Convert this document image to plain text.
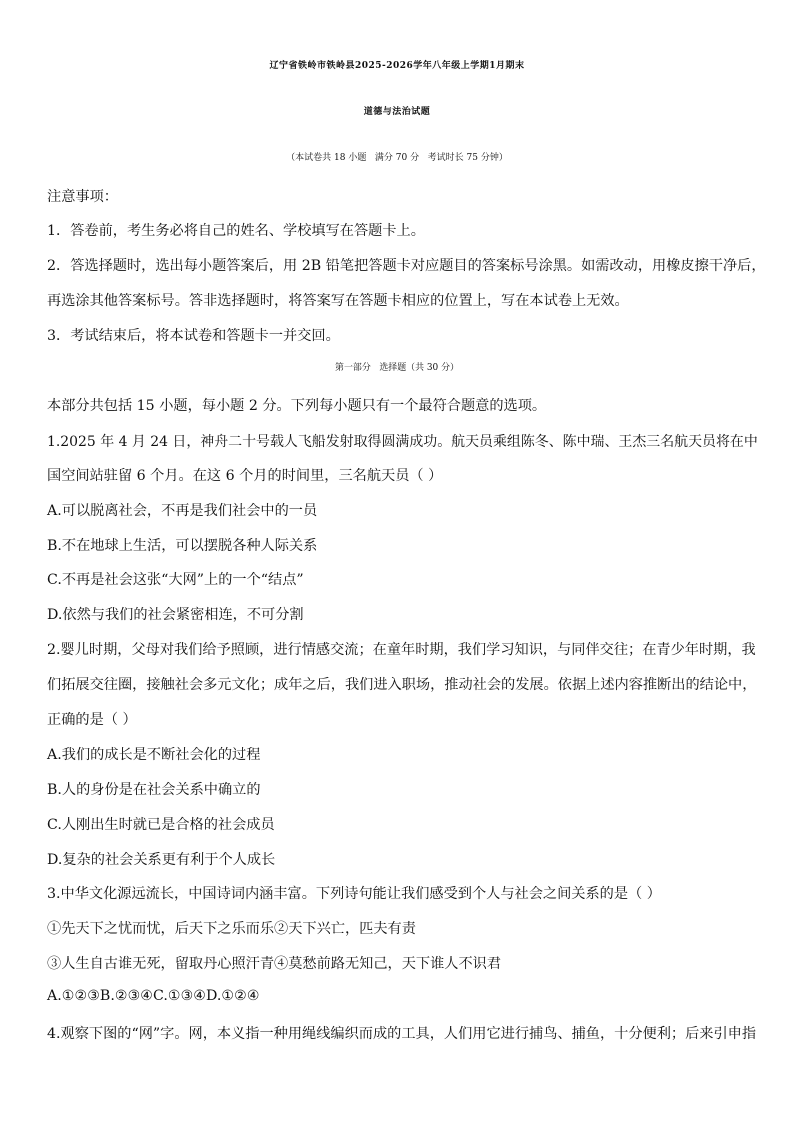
辽宁省铁岭市铁岭县2025-2026学年八年级上学期1月期末
道德与法治试题
（本试卷共 18 小题   满分 70 分   考试时长 75 分钟）
注意事项：
1．答卷前，考生务必将自己的姓名、学校填写在答题卡上。
2．答选择题时，选出每小题答案后，用 2B 铅笔把答题卡对应题目的答案标号涂黑。如需改动，用橡皮擦干净后，
再选涂其他答案标号。答非选择题时，将答案写在答题卡相应的位置上，写在本试卷上无效。
3．考试结束后，将本试卷和答题卡一并交回。
第一部分   选择题（共 30 分）
本部分共包括 15 小题，每小题 2 分。下列每小题只有一个最符合题意的选项。
1.2025 年 4 月 24 日，神舟二十号载人飞船发射取得圆满成功。航天员乘组陈冬、陈中瑞、王杰三名航天员将在中
国空间站驻留 6 个月。在这 6 个月的时间里，三名航天员（ ）
A.可以脱离社会，不再是我们社会中的一员
B.不在地球上生活，可以摆脱各种人际关系
C.不再是社会这张“大网”上的一个“结点”
D.依然与我们的社会紧密相连，不可分割
2.婴儿时期，父母对我们给予照顾，进行情感交流；在童年时期，我们学习知识，与同伴交往；在青少年时期，我
们拓展交往圈，接触社会多元文化；成年之后，我们进入职场，推动社会的发展。依据上述内容推断出的结论中，
正确的是（ ）
A.我们的成长是不断社会化的过程
B.人的身份是在社会关系中确立的
C.人刚出生时就已是合格的社会成员
D.复杂的社会关系更有利于个人成长
3.中华文化源远流长，中国诗词内涵丰富。下列诗句能让我们感受到个人与社会之间关系的是（ ）
①先天下之忧而忧，后天下之乐而乐②天下兴亡，匹夫有责
③人生自古谁无死，留取丹心照汗青④莫愁前路无知己，天下谁人不识君
A.①②③B.②③④C.①③④D.①②④
4.观察下图的“网”字。网，本义指一种用绳线编织而成的工具，人们用它进行捕鸟、捕鱼，十分便利；后来引申指
